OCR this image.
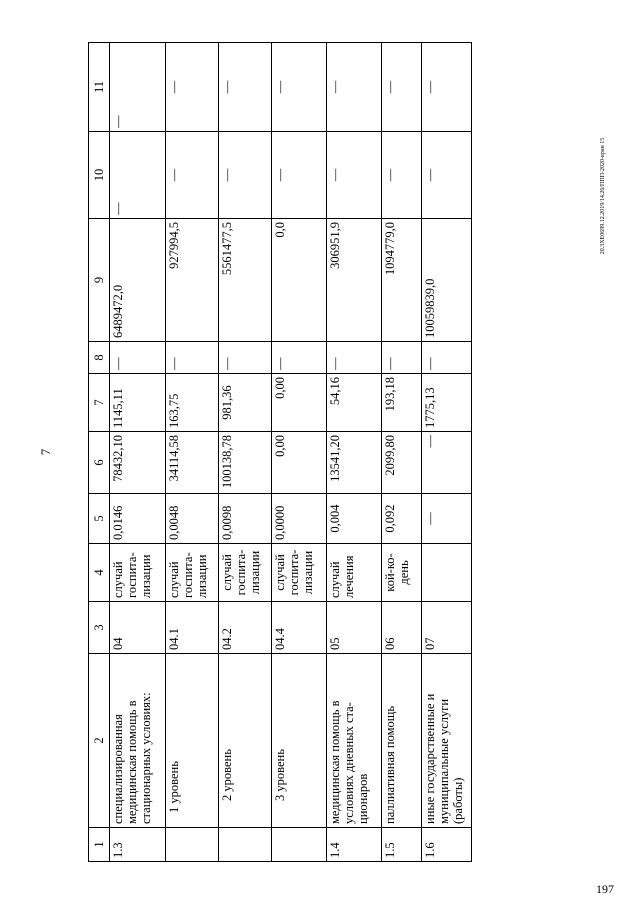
7
20.3XE0699.12.2019/14.26/ППП-2020-вран 15
197
1	2	3	4	5	6	7	8	9	10	11
1.3	специализированная медицинская помощь в стационарных условиях:	04	случай госпита-лизации	0,0146	78432,10	1145,11	—	6489472,0	—	—
	1 уровень	04.1	случай госпита-лизации	0,0048	34114,58	163,75	—	927994,5	—	—
	2 уровень	04.2	случай госпита-лизации	0,0098	100138,78	981,36	—	5561477,5	—	—
	3 уровень	04.4	случай госпита-лизации	0,0000	0,00	0,00	—	0,0	—	—
1.4	медицинская помощь в условиях дневных ста-ционаров	05	случай лечения	0,004	13541,20	54,16	—	306951,9	—	—
1.5	паллиативная помощь	06	кой-ко-день	0,092	2099,80	193,18	—	1094779,0	—	—
1.6	иные государственные и муниципальные услуги (работы)	07		—	—	1775,13	—	10059839,0	—	—
